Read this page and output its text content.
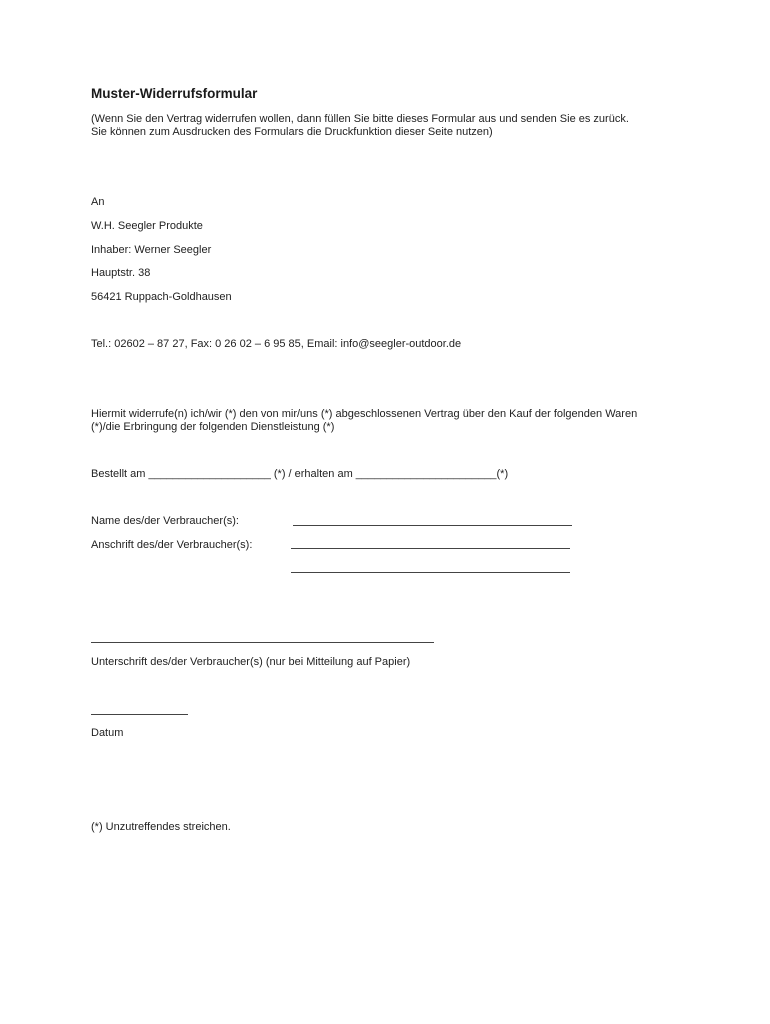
Muster-Widerrufsformular
(Wenn Sie den Vertrag widerrufen wollen, dann füllen Sie bitte dieses Formular aus und senden Sie es zurück.
Sie können zum Ausdrucken des Formulars die Druckfunktion dieser Seite nutzen)
An
W.H. Seegler Produkte
Inhaber: Werner Seegler
Hauptstr. 38
56421 Ruppach-Goldhausen
Tel.: 02602 – 87 27, Fax: 0 26 02 – 6 95 85, Email: info@seegler-outdoor.de
Hiermit widerrufe(n) ich/wir (*) den von mir/uns (*) abgeschlossenen Vertrag über den Kauf der folgenden Waren
(*)/die Erbringung der folgenden Dienstleistung (*)
Bestellt am ____________________ (*) / erhalten am _______________________(*)
Name des/der Verbraucher(s):
Anschrift des/der Verbraucher(s):
Unterschrift des/der Verbraucher(s) (nur bei Mitteilung auf Papier)
Datum
(*) Unzutreffendes streichen.
